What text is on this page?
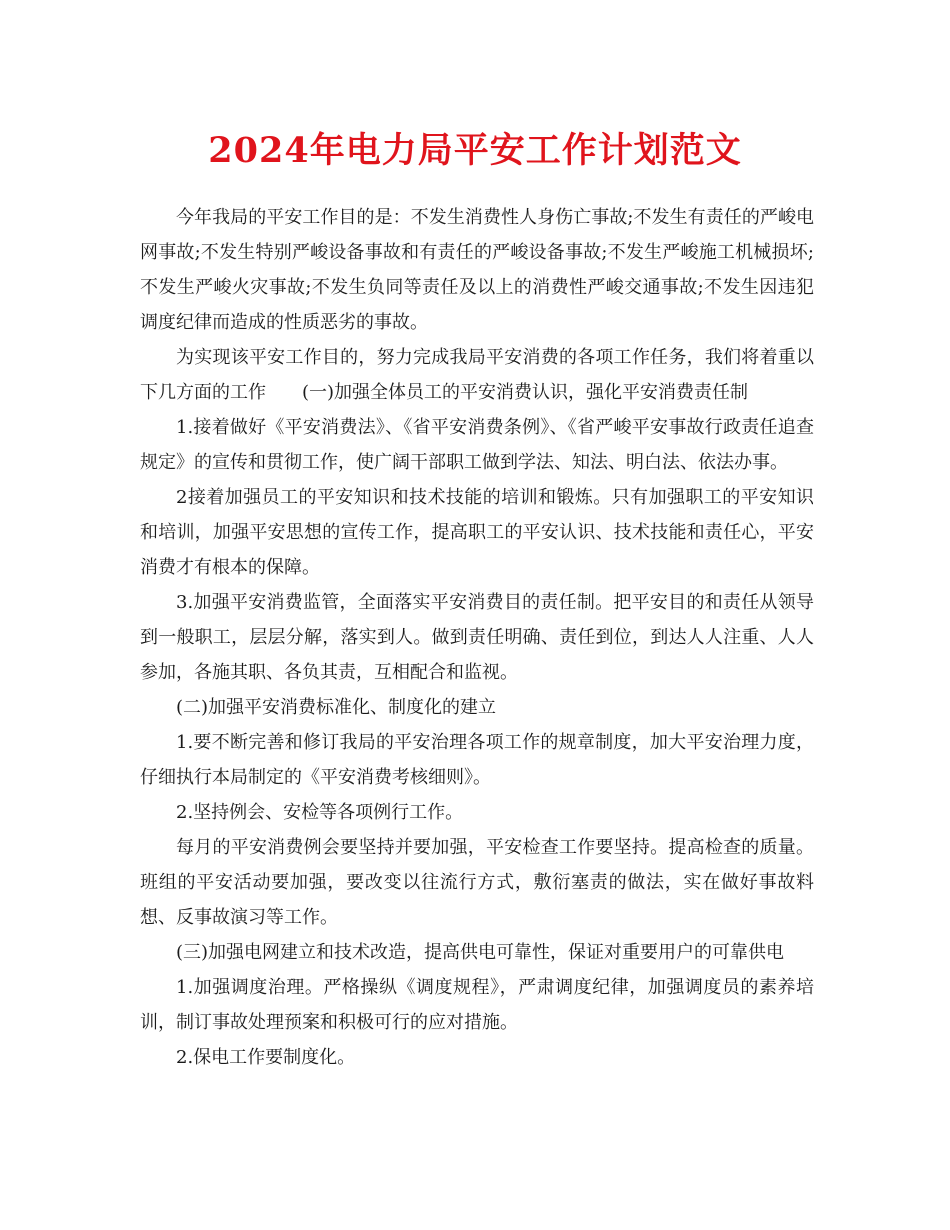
2024年电力局平安工作计划范文

今年我局的平安工作目的是：不发生消费性人身伤亡事故;不发生有责任的严峻电网事故;不发生特别严峻设备事故和有责任的严峻设备事故;不发生严峻施工机械损坏;不发生严峻火灾事故;不发生负同等责任及以上的消费性严峻交通事故;不发生因违犯调度纪律而造成的性质恶劣的事故。

为实现该平安工作目的，努力完成我局平安消费的各项工作任务，我们将着重以下几方面的工作 (一)加强全体员工的平安消费认识，强化平安消费责任制

1.接着做好《平安消费法》、《省平安消费条例》、《省严峻平安事故行政责任追查规定》的宣传和贯彻工作，使广阔干部职工做到学法、知法、明白法、依法办事。

2接着加强员工的平安知识和技术技能的培训和锻炼。只有加强职工的平安知识和培训，加强平安思想的宣传工作，提高职工的平安认识、技术技能和责任心，平安消费才有根本的保障。

3.加强平安消费监管，全面落实平安消费目的责任制。把平安目的和责任从领导到一般职工，层层分解，落实到人。做到责任明确、责任到位，到达人人注重、人人参加，各施其职、各负其责，互相配合和监视。

(二)加强平安消费标准化、制度化的建立

1.要不断完善和修订我局的平安治理各项工作的规章制度，加大平安治理力度，仔细执行本局制定的《平安消费考核细则》。

2.坚持例会、安检等各项例行工作。

每月的平安消费例会要坚持并要加强，平安检查工作要坚持。提高检查的质量。班组的平安活动要加强，要改变以往流行方式，敷衍塞责的做法，实在做好事故料想、反事故演习等工作。

(三)加强电网建立和技术改造，提高供电可靠性，保证对重要用户的可靠供电

1.加强调度治理。严格操纵《调度规程》，严肃调度纪律，加强调度员的素养培训，制订事故处理预案和积极可行的应对措施。

2.保电工作要制度化。
